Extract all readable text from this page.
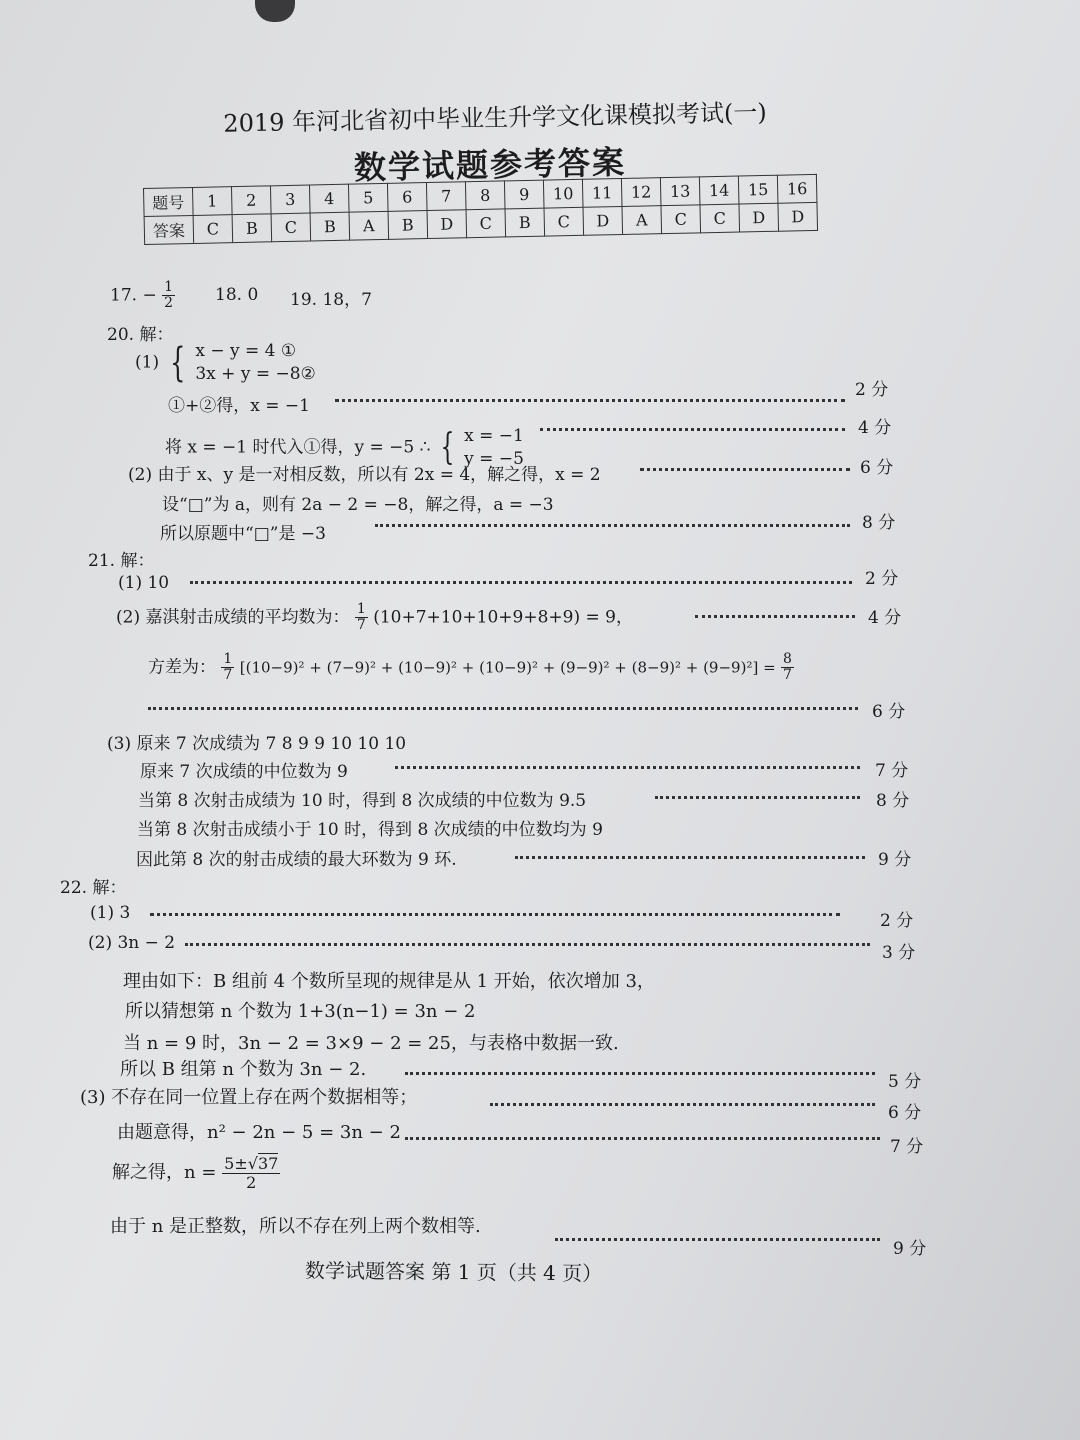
2019 年河北省初中毕业生升学文化课模拟考试(一)
数学试题参考答案
题号	1	2	3	4	5	6	7	8	9	10	11	12	13	14	15	16
答案	C	B	C	B	A	B	D	C	B	C	D	A	C	C	D	D
17. − $\frac{1}{2} 18$. 0 19. 18，7
20. 解：
(1) { x − y = 4 ①
3x + y = −8②
①+②得，x = −1
2 分
将 x = −1 时代入①得，y = −5 ∴ { x = −1
y = −5
4 分
(2) 由于 x、y 是一对相反数，所以有 2x = 4，解之得，x = 2	6 分
设“□”为 a，则有 2a − 2 = −8，解之得，a = −3
所以原题中“□”是 −3
8 分
21. 解：
(1) 10	2 分
(2) 嘉淇射击成绩的平均数为： $\frac{1}{7} (10+7+10+10+9+8+9) = 9$，	4 分
方差为： $\frac{1}{7} [(10-9)^2 + (7-9)^2 + (10-9)^2 + (10-9)^2 + (9-9)^2 + (8-9)^2 + (9-9)^2] = \frac{8}{7}$
6 分
(3) 原来 7 次成绩为 7 8 9 9 10 10 10
原来 7 次成绩的中位数为 9	7 分
当第 8 次射击成绩为 10 时，得到 8 次成绩的中位数为 9.5	8 分
当第 8 次射击成绩小于 10 时，得到 8 次成绩的中位数均为 9
因此第 8 次的射击成绩的最大环数为 9 环.	9 分
22. 解：
(1) 3	2 分
(2) 3n − 2	3 分
理由如下：B 组前 4 个数所呈现的规律是从 1 开始，依次增加 3，
所以猜想第 n 个数为 1+3(n−1) = 3n − 2
当 n = 9 时，3n − 2 = 3×9 − 2 = 25，与表格中数据一致.
所以 B 组第 n 个数为 3n − 2.
5 分
(3) 不存在同一位置上存在两个数据相等；
6 分
由题意得，n² − 2n − 5 = 3n − 2
7 分
解之得，$n = \frac{5\pm√37}{2}$
由于 n 是正整数，所以不存在列上两个数相等.
9 分
数学试题答案 第 1 页（共 4 页）
